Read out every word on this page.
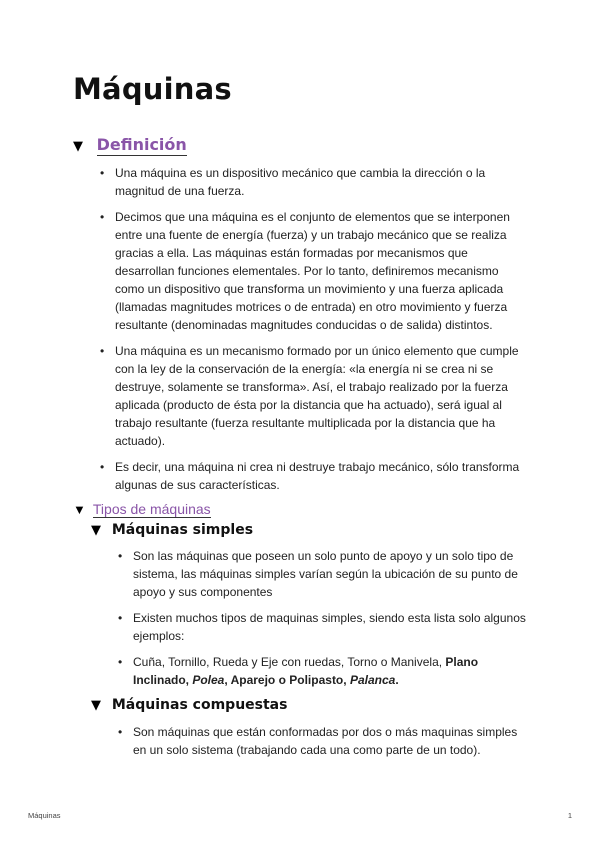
Máquinas
▼ Definición
• Una máquina es un dispositivo mecánico que cambia la dirección o la magnitud de una fuerza.
• Decimos que una máquina es el conjunto de elementos que se interponen entre una fuente de energía (fuerza) y un trabajo mecánico que se realiza gracias a ella. Las máquinas están formadas por mecanismos que desarrollan funciones elementales. Por lo tanto, definiremos mecanismo como un dispositivo que transforma un movimiento y una fuerza aplicada (llamadas magnitudes motrices o de entrada) en otro movimiento y fuerza resultante (denominadas magnitudes conducidas o de salida) distintos.
• Una máquina es un mecanismo formado por un único elemento que cumple con la ley de la conservación de la energía: «la energía ni se crea ni se destruye, solamente se transforma». Así, el trabajo realizado por la fuerza aplicada (producto de ésta por la distancia que ha actuado), será igual al trabajo resultante (fuerza resultante multiplicada por la distancia que ha actuado).
• Es decir, una máquina ni crea ni destruye trabajo mecánico, sólo transforma algunas de sus características.
▼ Tipos de máquinas
▼ Máquinas simples
• Son las máquinas que poseen un solo punto de apoyo y un solo tipo de sistema, las máquinas simples varían según la ubicación de su punto de apoyo y sus componentes
• Existen muchos tipos de maquinas simples, siendo esta lista solo algunos ejemplos:
• Cuña, Tornillo, Rueda y Eje con ruedas, Torno o Manivela, Plano Inclinado, Polea, Aparejo o Polipasto, Palanca.
▼ Máquinas compuestas
• Son máquinas que están conformadas por dos o más maquinas simples en un solo sistema (trabajando cada una como parte de un todo).
Máquinas	1
